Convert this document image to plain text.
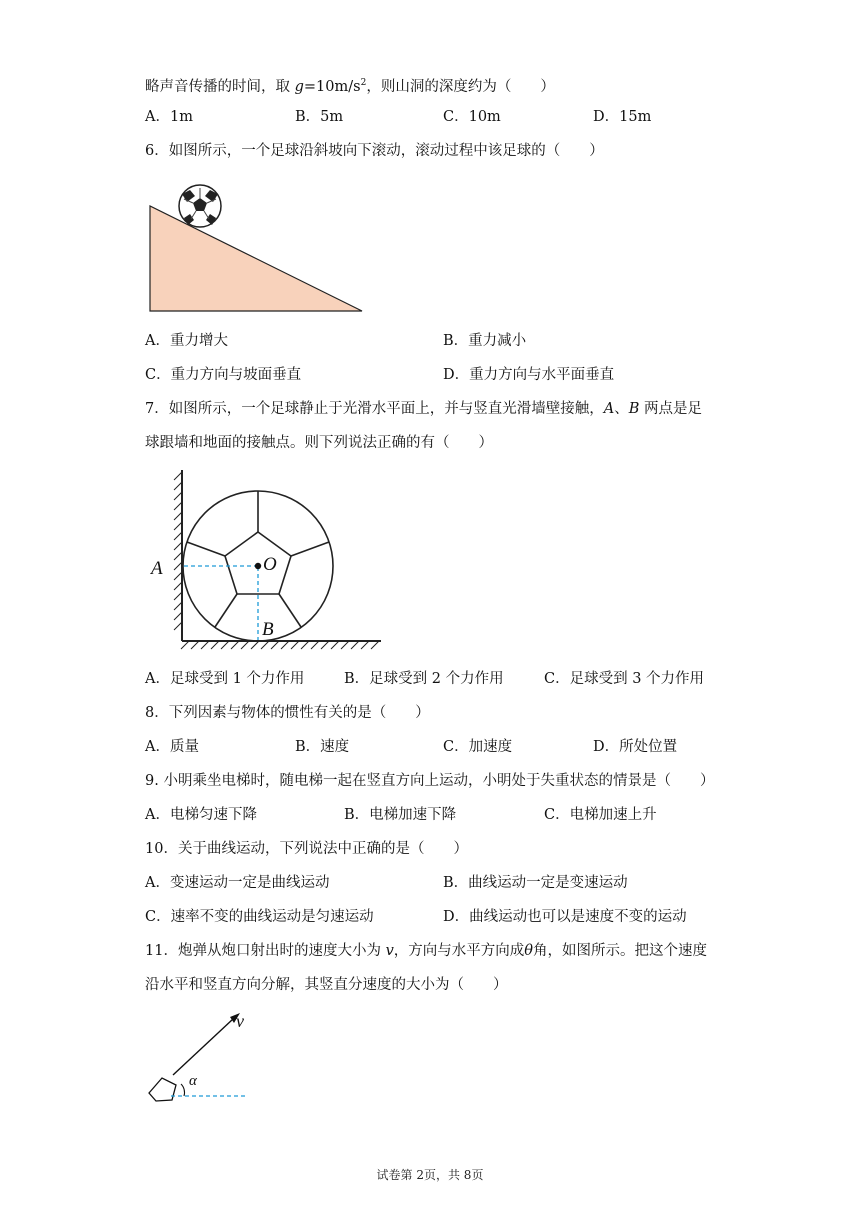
略声音传播的时间，取 $g=10m/s^2$，则山洞的深度约为（　　）
A．1m	B．5m	C．10m	D．15m
6．如图所示，一个足球沿斜坡向下滚动，滚动过程中该足球的（　　）
A．重力增大	B．重力减小
C．重力方向与坡面垂直	D．重力方向与水平面垂直
7．如图所示，一个足球静止于光滑水平面上，并与竖直光滑墙壁接触，A、B 两点是足
球跟墙和地面的接触点。则下列说法正确的有（　　）
A	O
B
A．足球受到 1 个力作用	B．足球受到 2 个力作用	C．足球受到 3 个力作用
8．下列因素与物体的惯性有关的是（　　）
A．质量	B．速度	C．加速度	D．所处位置
9. 小明乘坐电梯时，随电梯一起在竖直方向上运动，小明处于失重状态的情景是（　　）
A．电梯匀速下降	B．电梯加速下降	C．电梯加速上升
10．关于曲线运动，下列说法中正确的是（　　）
A．变速运动一定是曲线运动	B．曲线运动一定是变速运动
C．速率不变的曲线运动是匀速运动	D．曲线运动也可以是速度不变的运动
11．炮弹从炮口射出时的速度大小为 v，方向与水平方向成θ角，如图所示。把这个速度
沿水平和竖直方向分解，其竖直分速度的大小为（　　）
v
α
试卷第 2页，共 8页
